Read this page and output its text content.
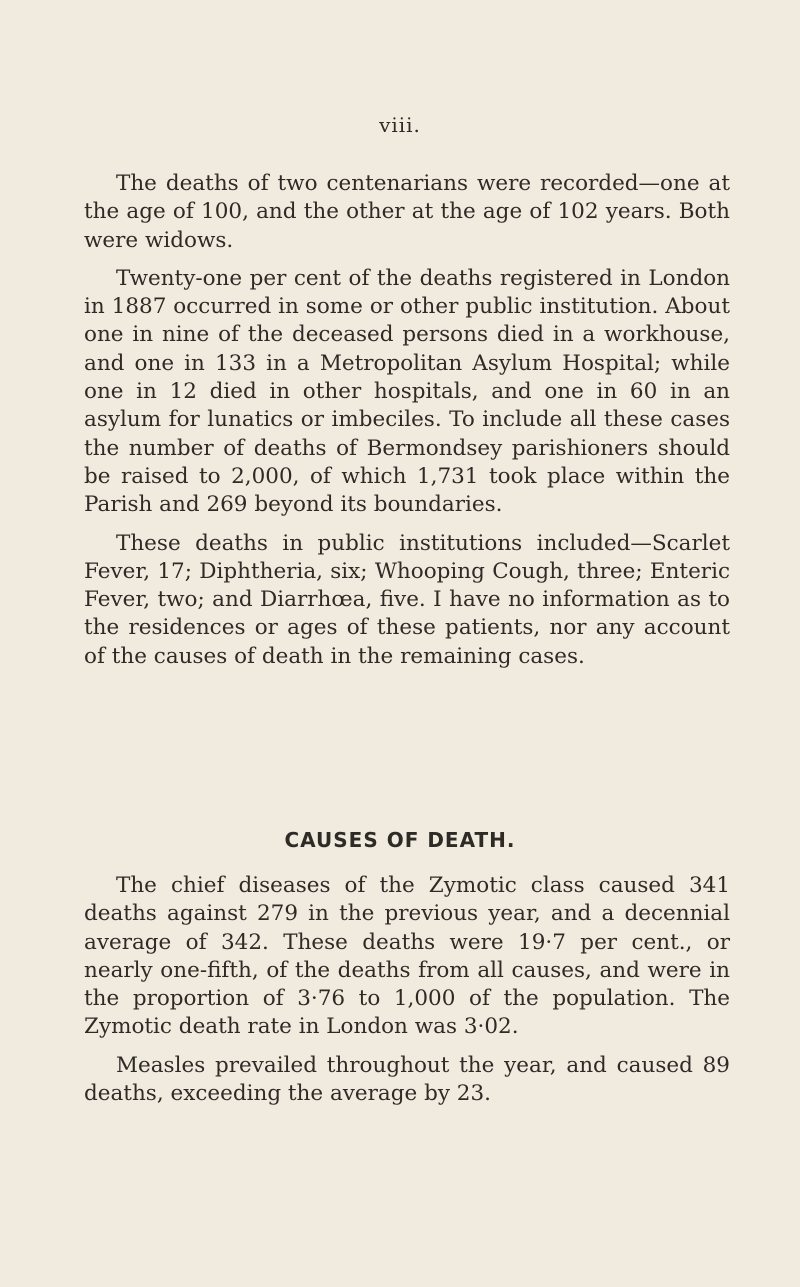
viii.

The deaths of two centenarians were recorded—one at the age of 100, and the other at the age of 102 years. Both were widows.

Twenty-one per cent of the deaths registered in London in 1887 occurred in some or other public institution. About one in nine of the deceased persons died in a workhouse, and one in 133 in a Metropolitan Asylum Hospital; while one in 12 died in other hospitals, and one in 60 in an asylum for lunatics or imbeciles. To include all these cases the number of deaths of Bermondsey parishioners should be raised to 2,000, of which 1,731 took place within the Parish and 269 beyond its boundaries.

These deaths in public institutions included—Scarlet Fever, 17; Diphtheria, six; Whooping Cough, three; Enteric Fever, two; and Diarrhœa, five. I have no information as to the residences or ages of these patients, nor any account of the causes of death in the remaining cases.

CAUSES OF DEATH.

The chief diseases of the Zymotic class caused 341 deaths against 279 in the previous year, and a decennial average of 342. These deaths were 19·7 per cent., or nearly one-fifth, of the deaths from all causes, and were in the proportion of 3·76 to 1,000 of the population. The Zymotic death rate in London was 3·02.

Measles prevailed throughout the year, and caused 89 deaths, exceeding the average by 23.
